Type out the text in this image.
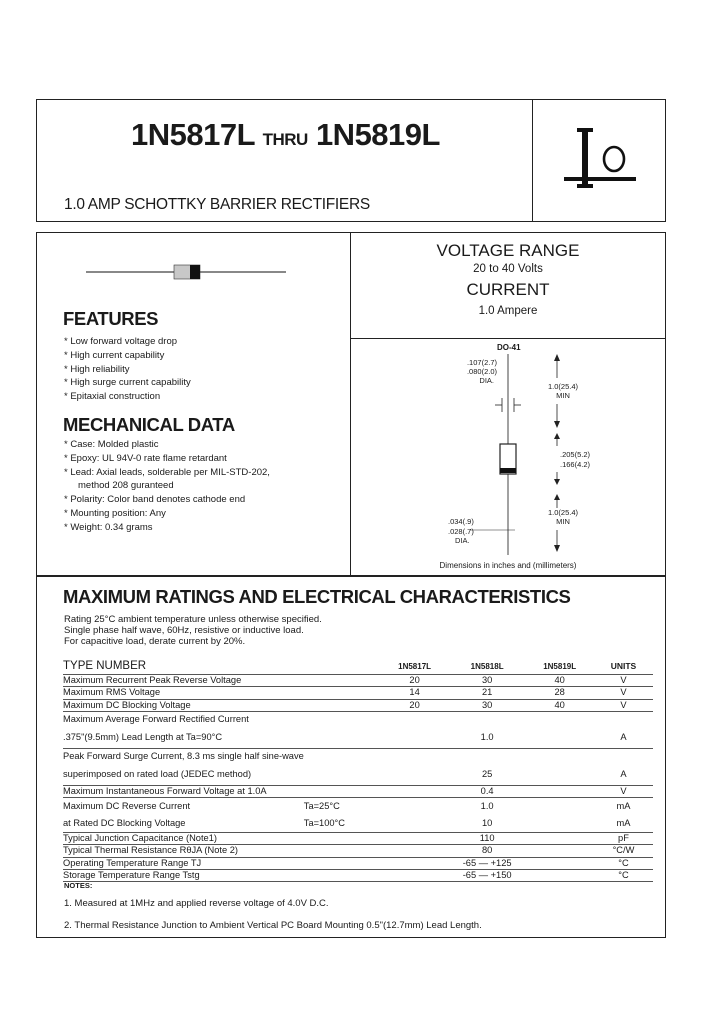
1N5817L THRU 1N5819L
1.0 AMP SCHOTTKY BARRIER RECTIFIERS
FEATURES
* Low forward voltage drop
* High current capability
* High reliability
* High surge current capability
* Epitaxial construction
MECHANICAL DATA
* Case: Molded plastic
* Epoxy: UL 94V-0 rate flame retardant
* Lead: Axial leads, solderable per MIL-STD-202,
method 208 guranteed
* Polarity: Color band denotes cathode end
* Mounting position: Any
* Weight: 0.34 grams
VOLTAGE RANGE
20 to 40 Volts
CURRENT
1.0 Ampere
DO-41
.107(2.7)
.080(2.0)
DIA.
1.0(25.4)
MIN
.205(5.2)
.166(4.2)
.034(.9)
.028(.7)
DIA.
1.0(25.4)
MIN
Dimensions in inches and (millimeters)
MAXIMUM RATINGS AND ELECTRICAL CHARACTERISTICS
Rating 25°C ambient temperature unless otherwise specified.
Single phase half wave, 60Hz, resistive or inductive load.
For capacitive load, derate current by 20%.
TYPE NUMBER		1N5817L	1N5818L	1N5819L	UNITS
Maximum Recurrent Peak Reverse Voltage		20	30	40	V
Maximum RMS Voltage		14	21	28	V
Maximum DC Blocking Voltage		20	30	40	V
Maximum Average Forward Rectified Current					
.375"(9.5mm) Lead Length at Ta=90°C			1.0		A
Peak Forward Surge Current, 8.3 ms single half sine-wave					
superimposed on rated load (JEDEC method)			25		A
Maximum Instantaneous Forward Voltage at 1.0A			0.4		V
Maximum DC Reverse Current	Ta=25°C		1.0		mA
at Rated DC Blocking Voltage	Ta=100°C		10		mA
Typical Junction Capacitance (Note1)			110		pF
Typical Thermal Resistance RθJA (Note 2)			80		°C/W
Operating Temperature Range TJ			-65 — +125		°C
Storage Temperature Range Tstg			-65 — +150		°C
NOTES:
1. Measured at 1MHz and applied reverse voltage of 4.0V D.C.
2. Thermal Resistance Junction to Ambient Vertical PC Board Mounting 0.5"(12.7mm) Lead Length.
